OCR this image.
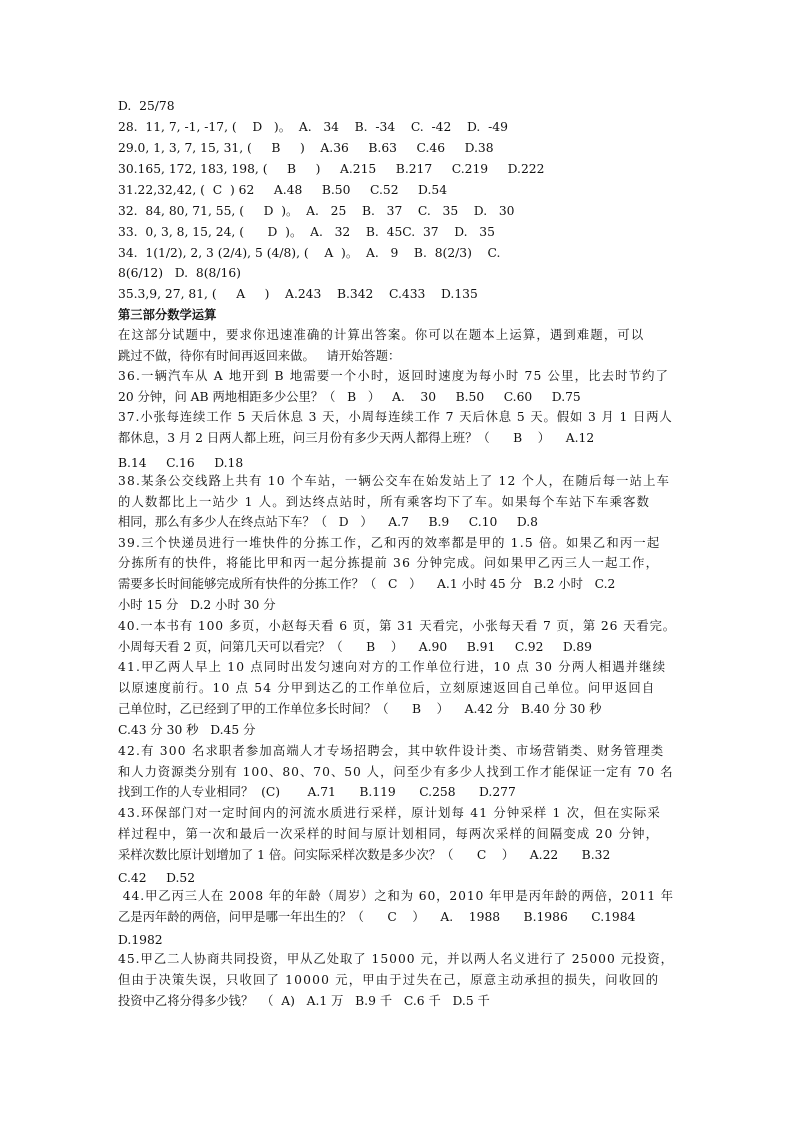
D.  25/78

28.  11, 7, -1, -17, (    D   )。  A.   34    B.  -34    C.  -42    D.  -49

29.0, 1, 3, 7, 15, 31, (     B     )    A.36     B.63     C.46     D.38

30.165, 172, 183, 198, (     B     )     A.215     B.217     C.219     D.222

31.22,32,42, (  C  ) 62     A.48     B.50     C.52     D.54

32.  84, 80, 71, 55, (     D  )。  A.   25    B.   37    C.   35    D.   30

33.  0, 3, 8, 15, 24, (      D  )。  A.   32    B.  45C.  37    D.   35

34.  1(1/2), 2, 3 (2/4), 5 (4/8), (    A  )。  A.   9    B.  8(2/3)    C.

8(6/12)   D.  8(8/16)

35.3,9, 27, 81, (     A     )    A.243    B.342    C.433    D.135

第三部分数学运算

在这部分试题中，要求你迅速准确的计算出答案。你可以在题本上运算，遇到难题，可以

跳过不做，待你有时间再返回来做。   请开始答题：

36.一辆汽车从 A 地开到 B 地需要一个小时，返回时速度为每小时 75 公里，比去时节约了

20 分钟，问 AB 两地相距多少公里？（   B   ）   A.    30     B.50     C.60     D.75

37.小张每连续工作 5 天后休息 3 天，小周每连续工作 7 天后休息 5 天。假如 3 月 1 日两人

都休息，3 月 2 日两人都上班，问三月份有多少天两人都得上班？（      B    ）    A.12

B.14     C.16     D.18

38.某条公交线路上共有 10 个车站，一辆公交车在始发站上了 12 个人，在随后每一站上车

的人数都比上一站少 1 人。到达终点站时，所有乘客均下了车。如果每个车站下车乘客数

相同，那么有多少人在终点站下车？（   D   ）    A.7     B.9     C.10     D.8

39.三个快递员进行一堆快件的分拣工作，乙和丙的效率都是甲的 1.5 倍。如果乙和丙一起

分拣所有的快件，将能比甲和丙一起分拣提前 36 分钟完成。问如果甲乙丙三人一起工作，

需要多长时间能够完成所有快件的分拣工作？（   C   ）    A.1 小时 45 分   B.2 小时   C.2

小时 15 分   D.2 小时 30 分

40.一本书有 100 多页，小赵每天看 6 页，第 31 天看完，小张每天看 7 页，第 26 天看完。

小周每天看 2 页，问第几天可以看完？（      B    ）    A.90     B.91     C.92     D.89

41.甲乙两人早上 10 点同时出发匀速向对方的工作单位行进，10 点 30 分两人相遇并继续

以原速度前行。10 点 54 分甲到达乙的工作单位后，立刻原速返回自己单位。问甲返回自

己单位时，乙已经到了甲的工作单位多长时间？（      B    ）    A.42 分   B.40 分 30 秒

C.43 分 30 秒   D.45 分

42.有 300 名求职者参加高端人才专场招聘会，其中软件设计类、市场营销类、财务管理类

和人力资源类分别有 100、80、70、50 人，问至少有多少人找到工作才能保证一定有 70 名

找到工作的人专业相同？  (C)       A.71      B.119      C.258      D.277

43.环保部门对一定时间内的河流水质进行采样，原计划每 41 分钟采样 1 次，但在实际采

样过程中，第一次和最后一次采样的时间与原计划相同，每两次采样的间隔变成 20 分钟，

采样次数比原计划增加了 1 倍。问实际采样次数是多少次？（      C    ）    A.22      B.32

C.42     D.52

44.甲乙丙三人在 2008 年的年龄（周岁）之和为 60，2010 年甲是丙年龄的两倍，2011 年

乙是丙年龄的两倍，问甲是哪一年出生的？（      C    ）    A.    1988      B.1986      C.1984

D.1982

45.甲乙二人协商共同投资，甲从乙处取了 15000 元，并以两人名义进行了 25000 元投资，

但由于决策失误，只收回了 10000 元，甲由于过失在己，原意主动承担的损失，问收回的

投资中乙将分得多少钱？  （  A)   A.1 万   B.9 千   C.6 千   D.5 千
